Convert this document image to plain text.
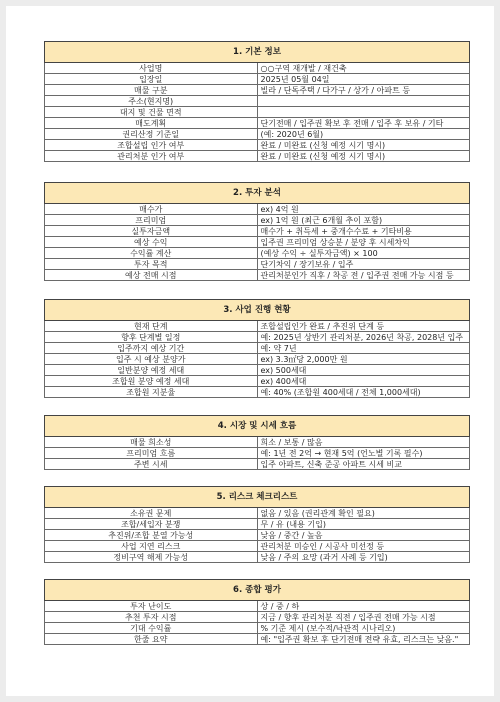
1. 기본 정보	
사업명	○○구역 재개발 / 재건축
입장일	2025년 05월 04일
매물 구분	빌라 / 단독주택 / 다가구 / 상가 / 아파트 등
주소(현지명)	
대지 및 건물 면적	
매도계획	단기전매 / 입주권 확보 후 전매 / 입주 후 보유 / 기타
권리산정 기준일	(예: 2020년 6월)
조합설립 인가 여부	완료 / 미완료 (신청 예정 시기 명시)
관리처분 인가 여부	완료 / 미완료 (신청 예정 시기 명시)
2. 투자 분석	
매수가	ex) 4억 원
프리미엄	ex) 1억 원 (최근 6개월 추이 포함)
실투자금액	매수가 + 취득세 + 중개수수료 + 기타비용
예상 수익	입주권 프리미엄 상승분 / 분양 후 시세차익
수익률 계산	(예상 수익 ÷ 실투자금액) × 100
투자 목적	단기차익 / 장기보유 / 입주
예상 전매 시점	관리처분인가 직후 / 착공 전 / 입주권 전매 가능 시점 등
3. 사업 진행 현황	
현재 단계	조합설립인가 완료 / 추진위 단계 등
향후 단계별 일정	예: 2025년 상반기 관리처분, 2026년 착공, 2028년 입주
입주까지 예상 기간	예: 약 7년
입주 시 예상 분양가	ex) 3.3㎡당 2,000만 원
일반분양 예정 세대	ex) 500세대
조합원 분양 예정 세대	ex) 400세대
조합원 지분율	예: 40% (조합원 400세대 / 전체 1,000세대)
4. 시장 및 시세 흐름	
매물 희소성	희소 / 보통 / 많음
프리미엄 흐름	예: 1년 전 2억 → 현재 5억 (언노별 기록 필수)
주변 시세	입주 아파트, 신축 준공 아파트 시세 비교
5. 리스크 체크리스트	
소유권 문제	없음 / 있음 (권리관계 확인 필요)
조합/세입자 분쟁	무 / 유 (내용 기입)
추진위/조합 분열 가능성	낮음 / 중간 / 높음
사업 지연 리스크	관리처분 미승인 / 시공사 미선정 등
정비구역 해제 가능성	낮음 / 주의 요망 (과거 사례 등 기입)
6. 종합 평가	
투자 난이도	상 / 중 / 하
추천 투자 시점	지금 / 향후 관리처분 직전 / 입주권 전매 가능 시점
기대 수익률	% 기준 제시 (보수적/낙관적 시나리오)
한줄 요약	예: "입주권 확보 후 단기전매 전략 유효, 리스크는 낮음."
